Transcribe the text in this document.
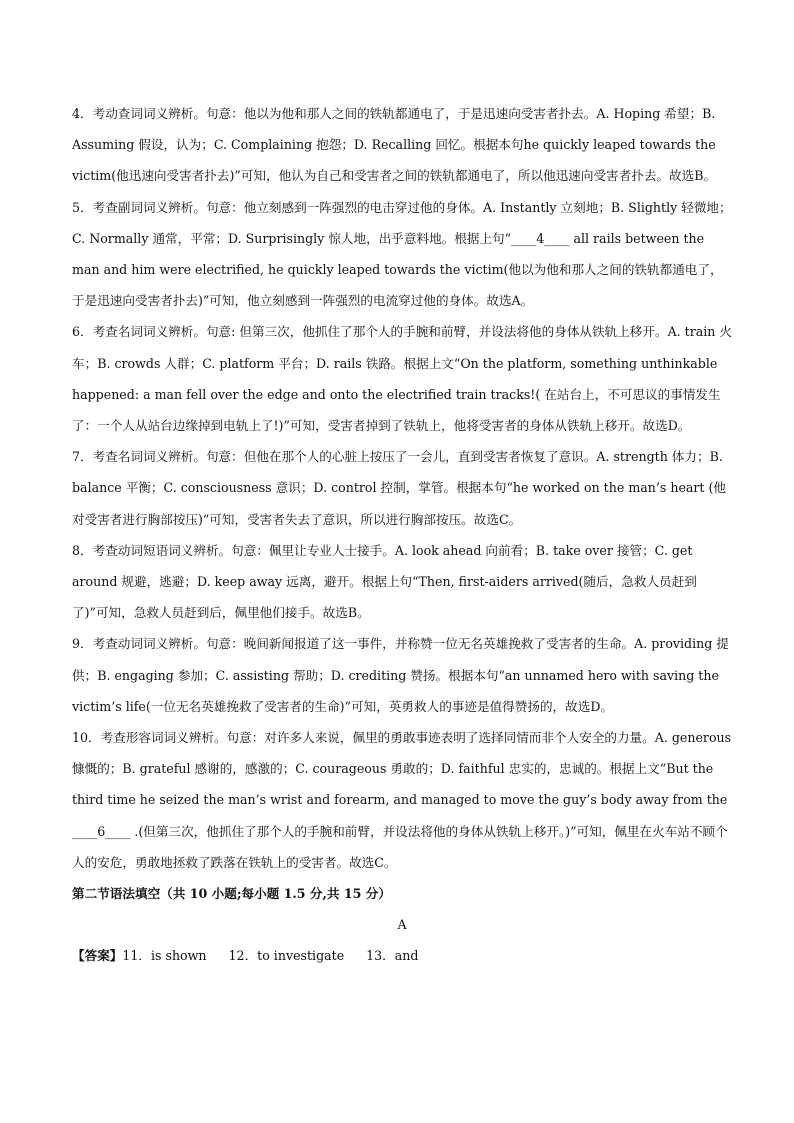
4．考动查词词义辨析。句意：他以为他和那人之间的铁轨都通电了，于是迅速向受害者扑去。A. Hoping 希望；B. Assuming 假设，认为；C. Complaining 抱怨；D. Recalling 回忆。根据本句he quickly leaped towards the victim(他迅速向受害者扑去)”可知，他认为自己和受害者之间的铁轨都通电了，所以他迅速向受害者扑去。故选B。

5．考查副词词义辨析。句意：他立刻感到一阵强烈的电击穿过他的身体。A. Instantly 立刻地；B. Slightly 轻微地；C. Normally 通常，平常；D. Surprisingly 惊人地，出乎意料地。根据上句“____4____ all rails between the man and him were electrified, he quickly leaped towards the victim(他以为他和那人之间的铁轨都通电了，于是迅速向受害者扑去)”可知，他立刻感到一阵强烈的电流穿过他的身体。故选A。

6．考查名词词义辨析。句意: 但第三次，他抓住了那个人的手腕和前臂，并设法将他的身体从铁轨上移开。A. train 火车；B. crowds 人群；C. platform 平台；D. rails 铁路。根据上文“On the platform, something unthinkable happened: a man fell over the edge and onto the electrified train tracks!( 在站台上，不可思议的事情发生了：一个人从站台边缘掉到电轨上了!)”可知，受害者掉到了铁轨上，他将受害者的身体从铁轨上移开。故选D。

7．考查名词词义辨析。句意：但他在那个人的心脏上按压了一会儿，直到受害者恢复了意识。A. strength 体力；B. balance 平衡；C. consciousness 意识；D. control 控制，掌管。根据本句“he worked on the man’s heart (他对受害者进行胸部按压)”可知，受害者失去了意识，所以进行胸部按压。故选C。

8．考查动词短语词义辨析。句意：佩里让专业人士接手。A. look ahead 向前看；B. take over 接管；C. get around 规避，逃避；D. keep away 远离，避开。根据上句“Then, first-aiders arrived(随后，急救人员赶到了)”可知，急救人员赶到后，佩里他们接手。故选B。

9．考查动词词义辨析。句意：晚间新闻报道了这一事件，并称赞一位无名英雄挽救了受害者的生命。A. providing 提供；B. engaging 参加；C. assisting 帮助；D. crediting 赞扬。根据本句“an unnamed hero with saving the victim’s life(一位无名英雄挽救了受害者的生命)”可知，英勇救人的事迹是值得赞扬的，故选D。

10．考查形容词词义辨析。句意：对许多人来说，佩里的勇敢事迹表明了选择同情而非个人安全的力量。A. generous 慷慨的；B. grateful 感谢的，感激的；C. courageous 勇敢的；D. faithful 忠实的，忠诚的。根据上文“But the third time he seized the man’s wrist and forearm, and managed to move the guy’s body away from the ____6____ .(但第三次，他抓住了那个人的手腕和前臂，并设法将他的身体从铁轨上移开。)”可知，佩里在火车站不顾个人的安危，勇敢地拯救了跌落在铁轨上的受害者。故选C。

第二节语法填空（共 10 小题;每小题 1.5 分,共 15 分）

A

【答案】11．is shown 12．to investigate 13．and
